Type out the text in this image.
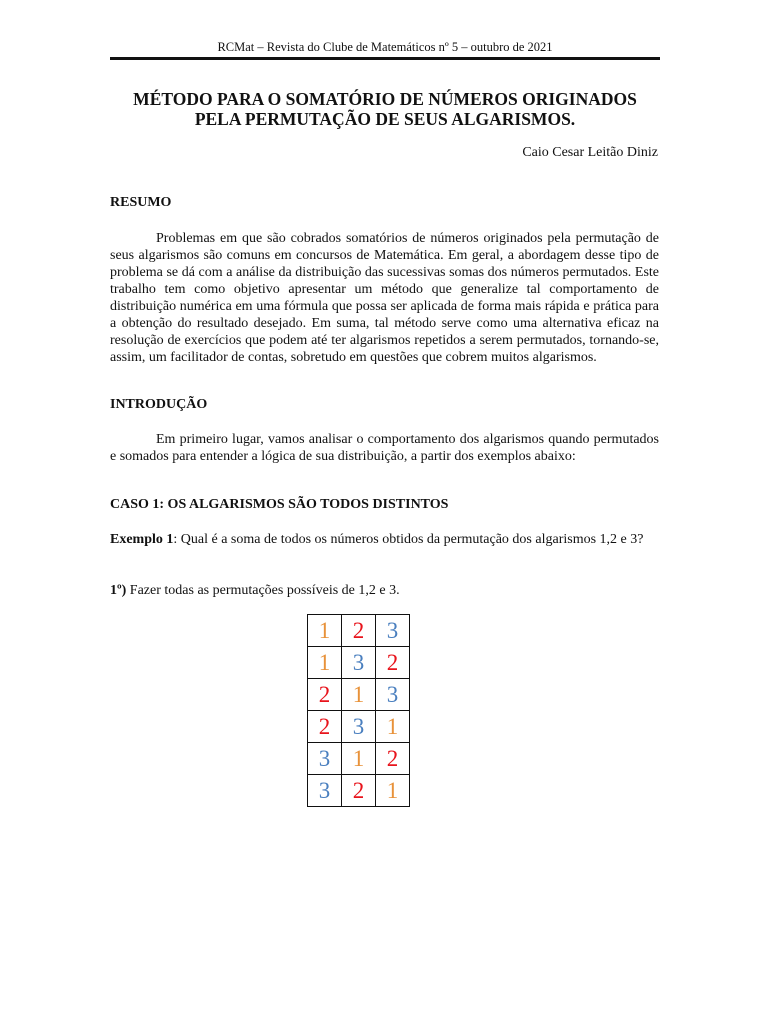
RCMat – Revista do Clube de Matemáticos nº 5 – outubro de 2021
MÉTODO PARA O SOMATÓRIO DE NÚMEROS ORIGINADOS
PELA PERMUTAÇÃO DE SEUS ALGARISMOS.
Caio Cesar Leitão Diniz
RESUMO
Problemas em que são cobrados somatórios de números originados pela permutação de seus algarismos são comuns em concursos de Matemática. Em geral, a abordagem desse tipo de problema se dá com a análise da distribuição das sucessivas somas dos números permutados. Este trabalho tem como objetivo apresentar um método que generalize tal comportamento de distribuição numérica em uma fórmula que possa ser aplicada de forma mais rápida e prática para a obtenção do resultado desejado. Em suma, tal método serve como uma alternativa eficaz na resolução de exercícios que podem até ter algarismos repetidos a serem permutados, tornando-se, assim, um facilitador de contas, sobretudo em questões que cobrem muitos algarismos.
INTRODUÇÃO
Em primeiro lugar, vamos analisar o comportamento dos algarismos quando permutados e somados para entender a lógica de sua distribuição, a partir dos exemplos abaixo:
CASO 1: OS ALGARISMOS SÃO TODOS DISTINTOS
Exemplo 1: Qual é a soma de todos os números obtidos da permutação dos algarismos 1,2 e 3?
1º) Fazer todas as permutações possíveis de 1,2 e 3.
1	2	3
1	3	2
2	1	3
2	3	1
3	1	2
3	2	1
